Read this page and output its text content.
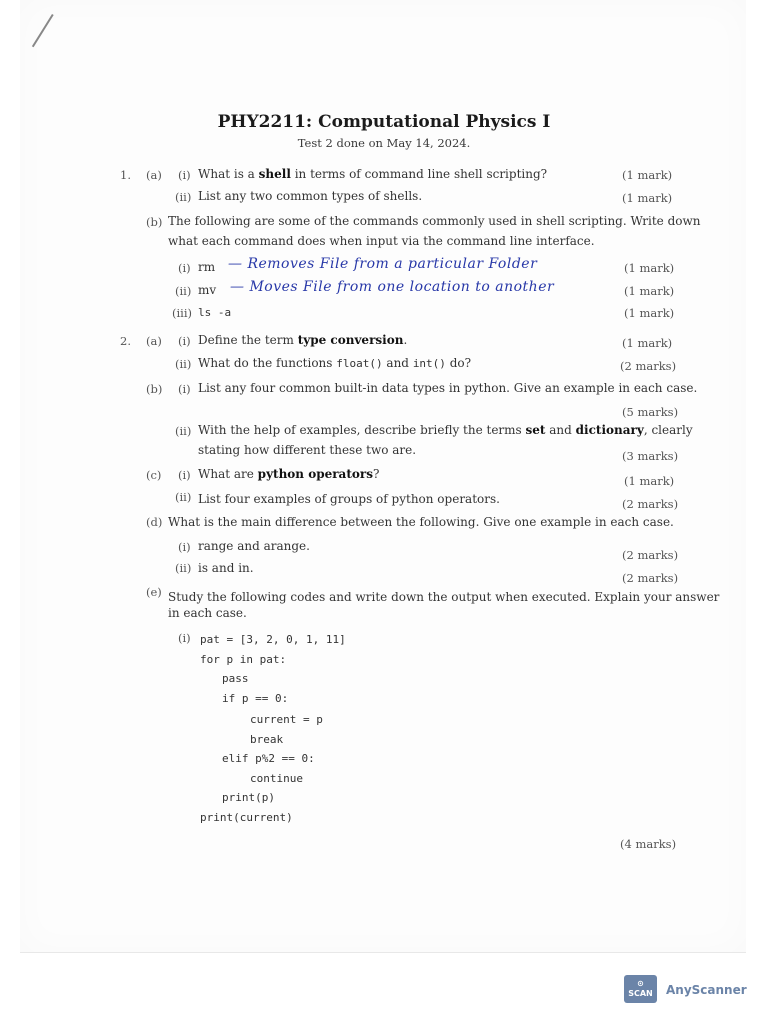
PHY2211: Computational Physics I
Test 2 done on May 14, 2024.
1. (a) (i) What is a shell in terms of command line shell scripting?	(1 mark)
(ii) List any two common types of shells.	(1 mark)
(b) The following are some of the commands commonly used in shell scripting. Write down
what each command does when input via the command line interface.
(i) rm — Removes File from a particular Folder	(1 mark)
(ii) mv — Moves File from one location to another	(1 mark)
(iii) ls -a	(1 mark)
2. (a) (i) Define the term type conversion.	(1 mark)
(ii) What do the functions float() and int() do?	(2 marks)
(b) (i) List any four common built-in data types in python. Give an example in each case.
(5 marks)
(ii) With the help of examples, describe briefly the terms set and dictionary, clearly
stating how different these two are.	(3 marks)
(c) (i) What are python operators?	(1 mark)
(ii) List four examples of groups of python operators.	(2 marks)
(d) What is the main difference between the following. Give one example in each case.
(i) range and arange.
(2 marks)
(ii) is and in.
(2 marks)
(e) Study the following codes and write down the output when executed. Explain your answer
in each case.
(i) pat = [3, 2, 0, 1, 11]
for p in pat:
pass
if p == 0:
current = p
break
elif p%2 == 0:
continue
print(p)
print(current)
(4 marks)
⊙
SCAN	AnyScanner
